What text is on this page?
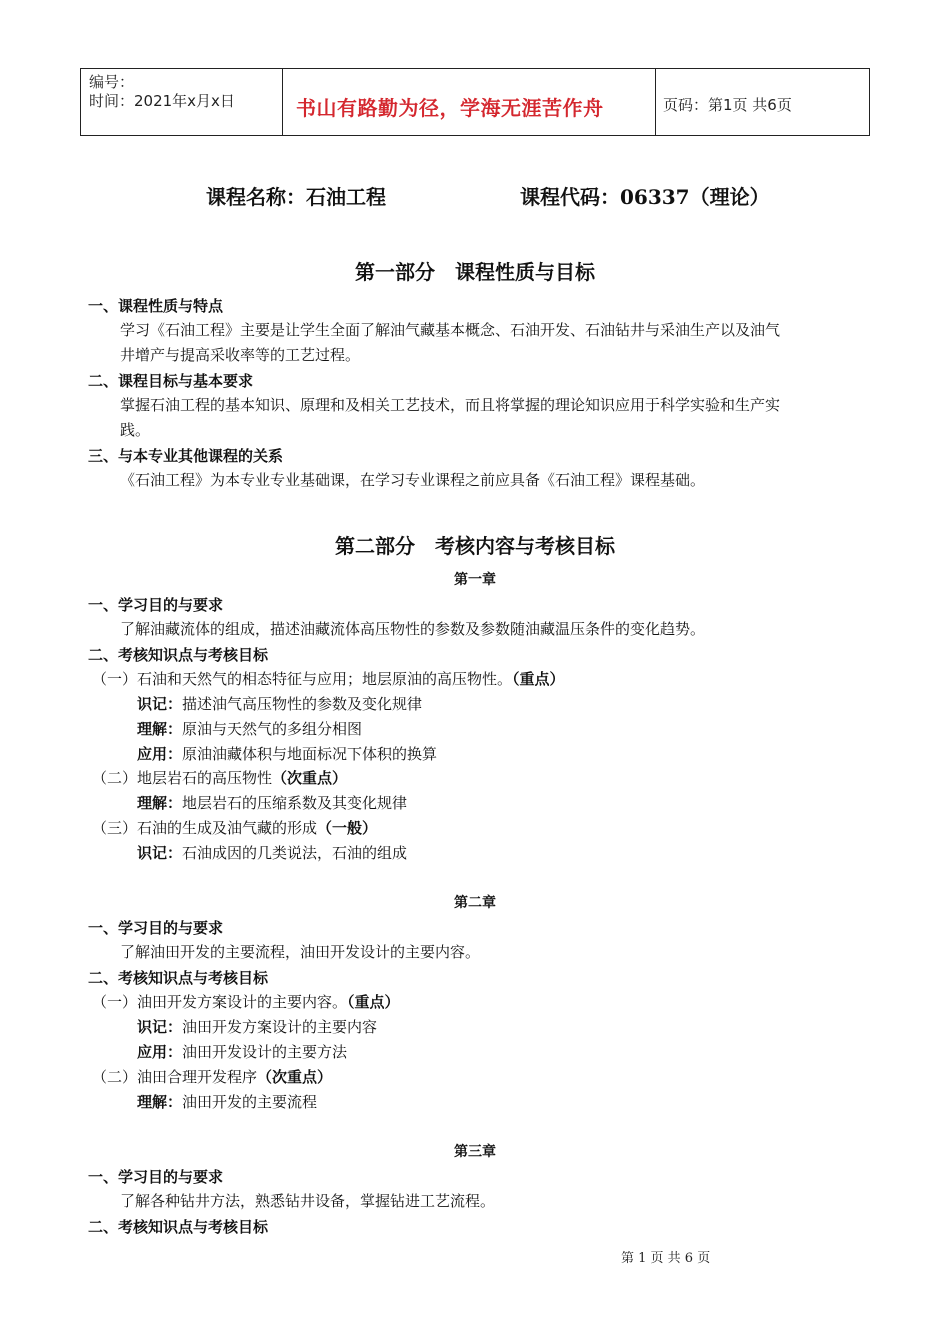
编号：
时间：2021年x月x日	书山有路勤为径，学海无涯苦作舟	页码：第1页 共6页
课程名称：石油工程	课程代码：06337（理论）
第一部分　课程性质与目标
一、课程性质与特点
学习《石油工程》主要是让学生全面了解油气藏基本概念、石油开发、石油钻井与采油生产以及油气
井增产与提高采收率等的工艺过程。
二、课程目标与基本要求
掌握石油工程的基本知识、原理和及相关工艺技术，而且将掌握的理论知识应用于科学实验和生产实
践。
三、与本专业其他课程的关系
《石油工程》为本专业专业基础课，在学习专业课程之前应具备《石油工程》课程基础。
第二部分　考核内容与考核目标
第一章
一、学习目的与要求
了解油藏流体的组成，描述油藏流体高压物性的参数及参数随油藏温压条件的变化趋势。
二、考核知识点与考核目标
（一）石油和天然气的相态特征与应用；地层原油的高压物性。（重点）
识记：描述油气高压物性的参数及变化规律
理解：原油与天然气的多组分相图
应用：原油油藏体积与地面标况下体积的换算
（二）地层岩石的高压物性（次重点）
理解：地层岩石的压缩系数及其变化规律
（三）石油的生成及油气藏的形成（一般）
识记：石油成因的几类说法，石油的组成
第二章
一、学习目的与要求
了解油田开发的主要流程，油田开发设计的主要内容。
二、考核知识点与考核目标
（一）油田开发方案设计的主要内容。（重点）
识记：油田开发方案设计的主要内容
应用：油田开发设计的主要方法
（二）油田合理开发程序（次重点）
理解：油田开发的主要流程
第三章
一、学习目的与要求
了解各种钻井方法，熟悉钻井设备，掌握钻进工艺流程。
二、考核知识点与考核目标
第 1 页 共 6 页
